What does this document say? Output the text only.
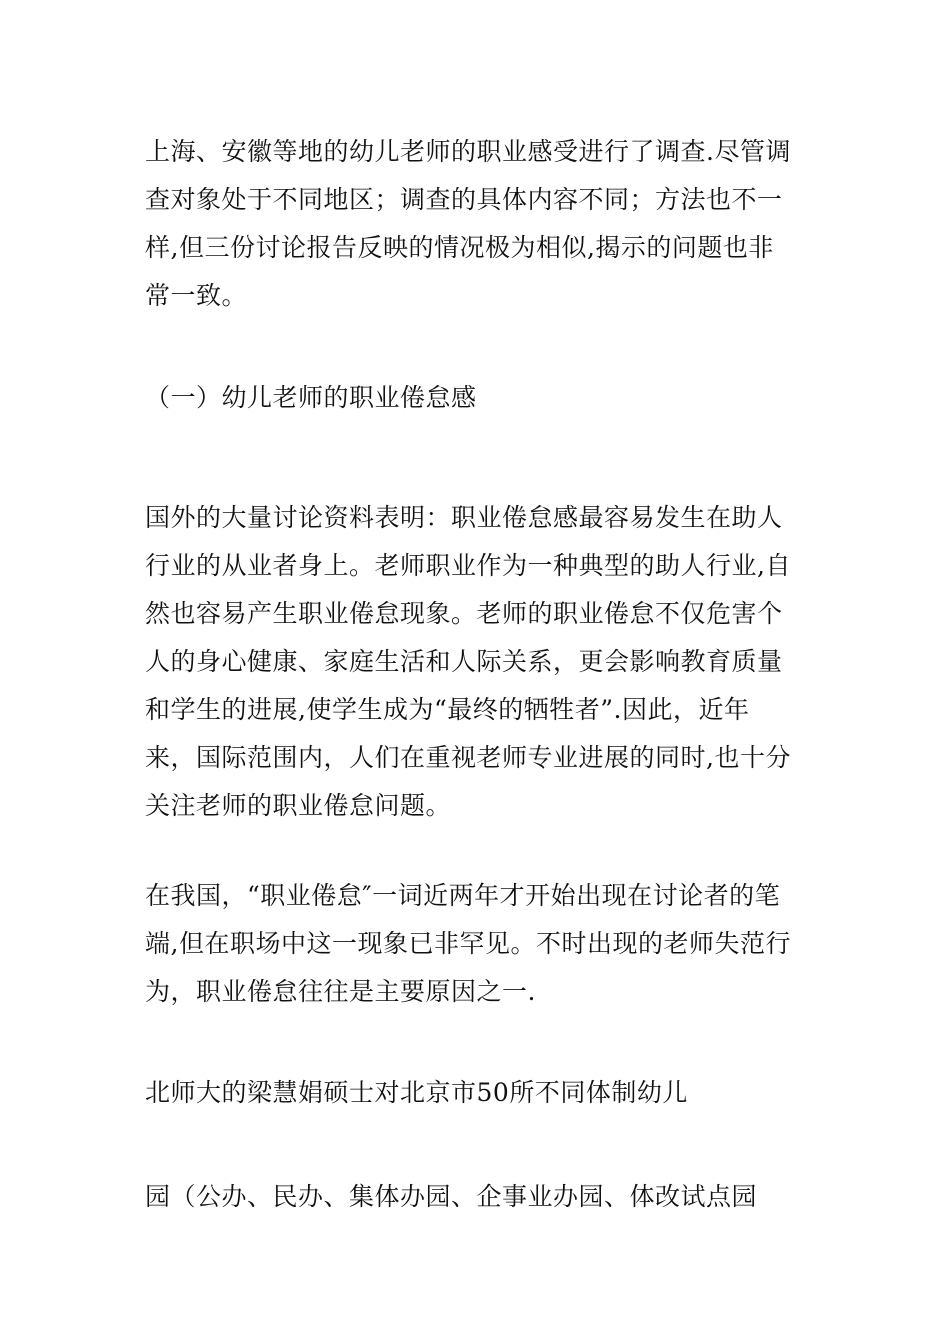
上海、安徽等地的幼儿老师的职业感受进行了调查.尽管调
查对象处于不同地区；调查的具体内容不同；方法也不一
样,但三份讨论报告反映的情况极为相似,揭示的问题也非
常一致。

（一）幼儿老师的职业倦怠感

国外的大量讨论资料表明：职业倦怠感最容易发生在助人
行业的从业者身上。老师职业作为一种典型的助人行业,自
然也容易产生职业倦怠现象。老师的职业倦怠不仅危害个
人的身心健康、家庭生活和人际关系，更会影响教育质量
和学生的进展,使学生成为“最终的牺牲者”.因此，近年
来，国际范围内，人们在重视老师专业进展的同时,也十分
关注老师的职业倦怠问题。

在我国，“职业倦怠″一词近两年才开始出现在讨论者的笔
端,但在职场中这一现象已非罕见。不时出现的老师失范行
为，职业倦怠往往是主要原因之一.

北师大的梁慧娟硕士对北京市50所不同体制幼儿

园（公办、民办、集体办园、企事业办园、体改试点园
